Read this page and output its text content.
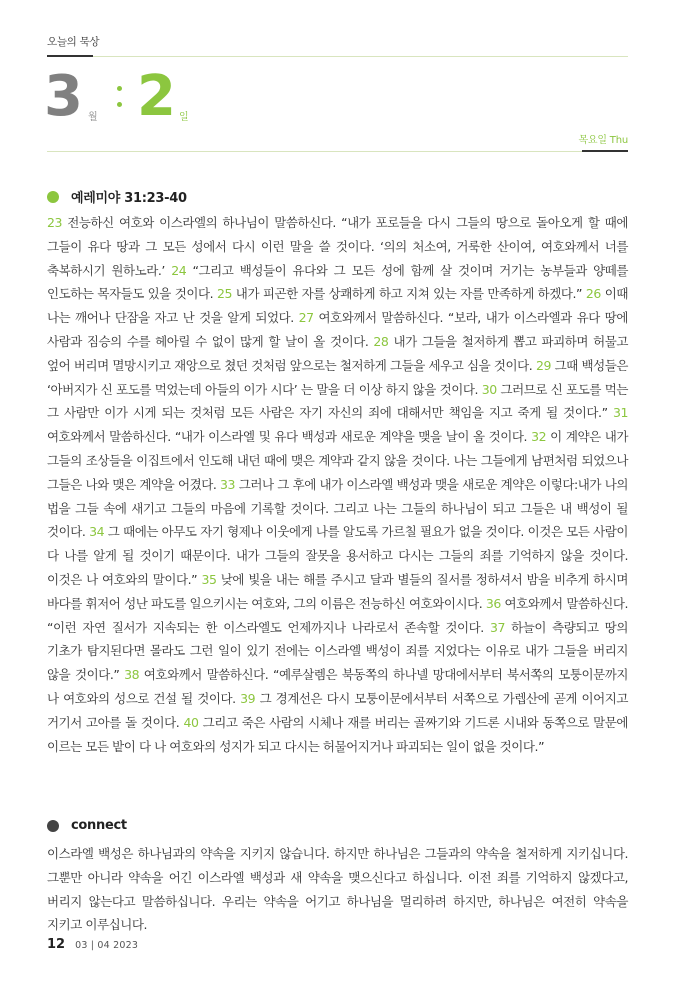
오늘의 묵상
3 월 2 일
목요일 Thu
예레미야 31:23-40
23 전능하신 여호와 이스라엘의 하나님이 말씀하신다. “내가 포로들을 다시 그들의 땅으로 돌아오게 할 때에 그들이 유다 땅과 그 모든 성에서 다시 이런 말을 쓸 것이다. ‘의의 처소여, 거룩한 산이여, 여호와께서 너를 축복하시기 원하노라.’ 24 “그리고 백성들이 유다와 그 모든 성에 함께 살 것이며 거기는 농부들과 양떼를 인도하는 목자들도 있을 것이다. 25 내가 피곤한 자를 상쾌하게 하고 지쳐 있는 자를 만족하게 하겠다.” 26 이때 나는 깨어나 단잠을 자고 난 것을 알게 되었다. 27 여호와께서 말씀하신다. “보라, 내가 이스라엘과 유다 땅에 사람과 짐승의 수를 헤아릴 수 없이 많게 할 날이 올 것이다. 28 내가 그들을 철저하게 뽑고 파괴하며 허물고 엎어 버리며 멸망시키고 재앙으로 쳤던 것처럼 앞으로는 철저하게 그들을 세우고 심을 것이다. 29 그때 백성들은 ‘아버지가 신 포도를 먹었는데 아들의 이가 시다’ 는 말을 더 이상 하지 않을 것이다. 30 그러므로 신 포도를 먹는 그 사람만 이가 시게 되는 것처럼 모든 사람은 자기 자신의 죄에 대해서만 책임을 지고 죽게 될 것이다.” 31 여호와께서 말씀하신다. “내가 이스라엘 및 유다 백성과 새로운 계약을 맺을 날이 올 것이다. 32 이 계약은 내가 그들의 조상들을 이집트에서 인도해 내던 때에 맺은 계약과 같지 않을 것이다. 나는 그들에게 남편처럼 되었으나 그들은 나와 맺은 계약을 어겼다. 33 그러나 그 후에 내가 이스라엘 백성과 맺을 새로운 계약은 이렇다:내가 나의 법을 그들 속에 새기고 그들의 마음에 기록할 것이다. 그리고 나는 그들의 하나님이 되고 그들은 내 백성이 될 것이다. 34 그 때에는 아무도 자기 형제나 이웃에게 나를 알도록 가르칠 필요가 없을 것이다. 이것은 모든 사람이 다 나를 알게 될 것이기 때문이다. 내가 그들의 잘못을 용서하고 다시는 그들의 죄를 기억하지 않을 것이다. 이것은 나 여호와의 말이다.” 35 낮에 빛을 내는 해를 주시고 달과 별들의 질서를 정하셔서 밤을 비추게 하시며 바다를 휘저어 성난 파도를 일으키시는 여호와, 그의 이름은 전능하신 여호와이시다. 36 여호와께서 말씀하신다. “이런 자연 질서가 지속되는 한 이스라엘도 언제까지나 나라로서 존속할 것이다. 37 하늘이 측량되고 땅의 기초가 탐지된다면 몰라도 그런 일이 있기 전에는 이스라엘 백성이 죄를 지었다는 이유로 내가 그들을 버리지 않을 것이다.” 38 여호와께서 말씀하신다. “예루살렘은 북동쪽의 하나넬 망대에서부터 북서쪽의 모퉁이문까지 나 여호와의 성으로 건설 될 것이다. 39 그 경계선은 다시 모퉁이문에서부터 서쪽으로 가렙산에 곧게 이어지고 거기서 고아를 돌 것이다. 40 그리고 죽은 사람의 시체나 재를 버리는 골짜기와 기드론 시내와 동쪽으로 말문에 이르는 모든 밭이 다 나 여호와의 성지가 되고 다시는 허물어지거나 파괴되는 일이 없을 것이다.”
connect
이스라엘 백성은 하나님과의 약속을 지키지 않습니다. 하지만 하나님은 그들과의 약속을 철저하게 지키십니다. 그뿐만 아니라 약속을 어긴 이스라엘 백성과 새 약속을 맺으신다고 하십니다. 이전 죄를 기억하지 않겠다고, 버리지 않는다고 말씀하십니다. 우리는 약속을 어기고 하나님을 멀리하려 하지만, 하나님은 여전히 약속을 지키고 이루십니다.
12 03 | 04 2023
